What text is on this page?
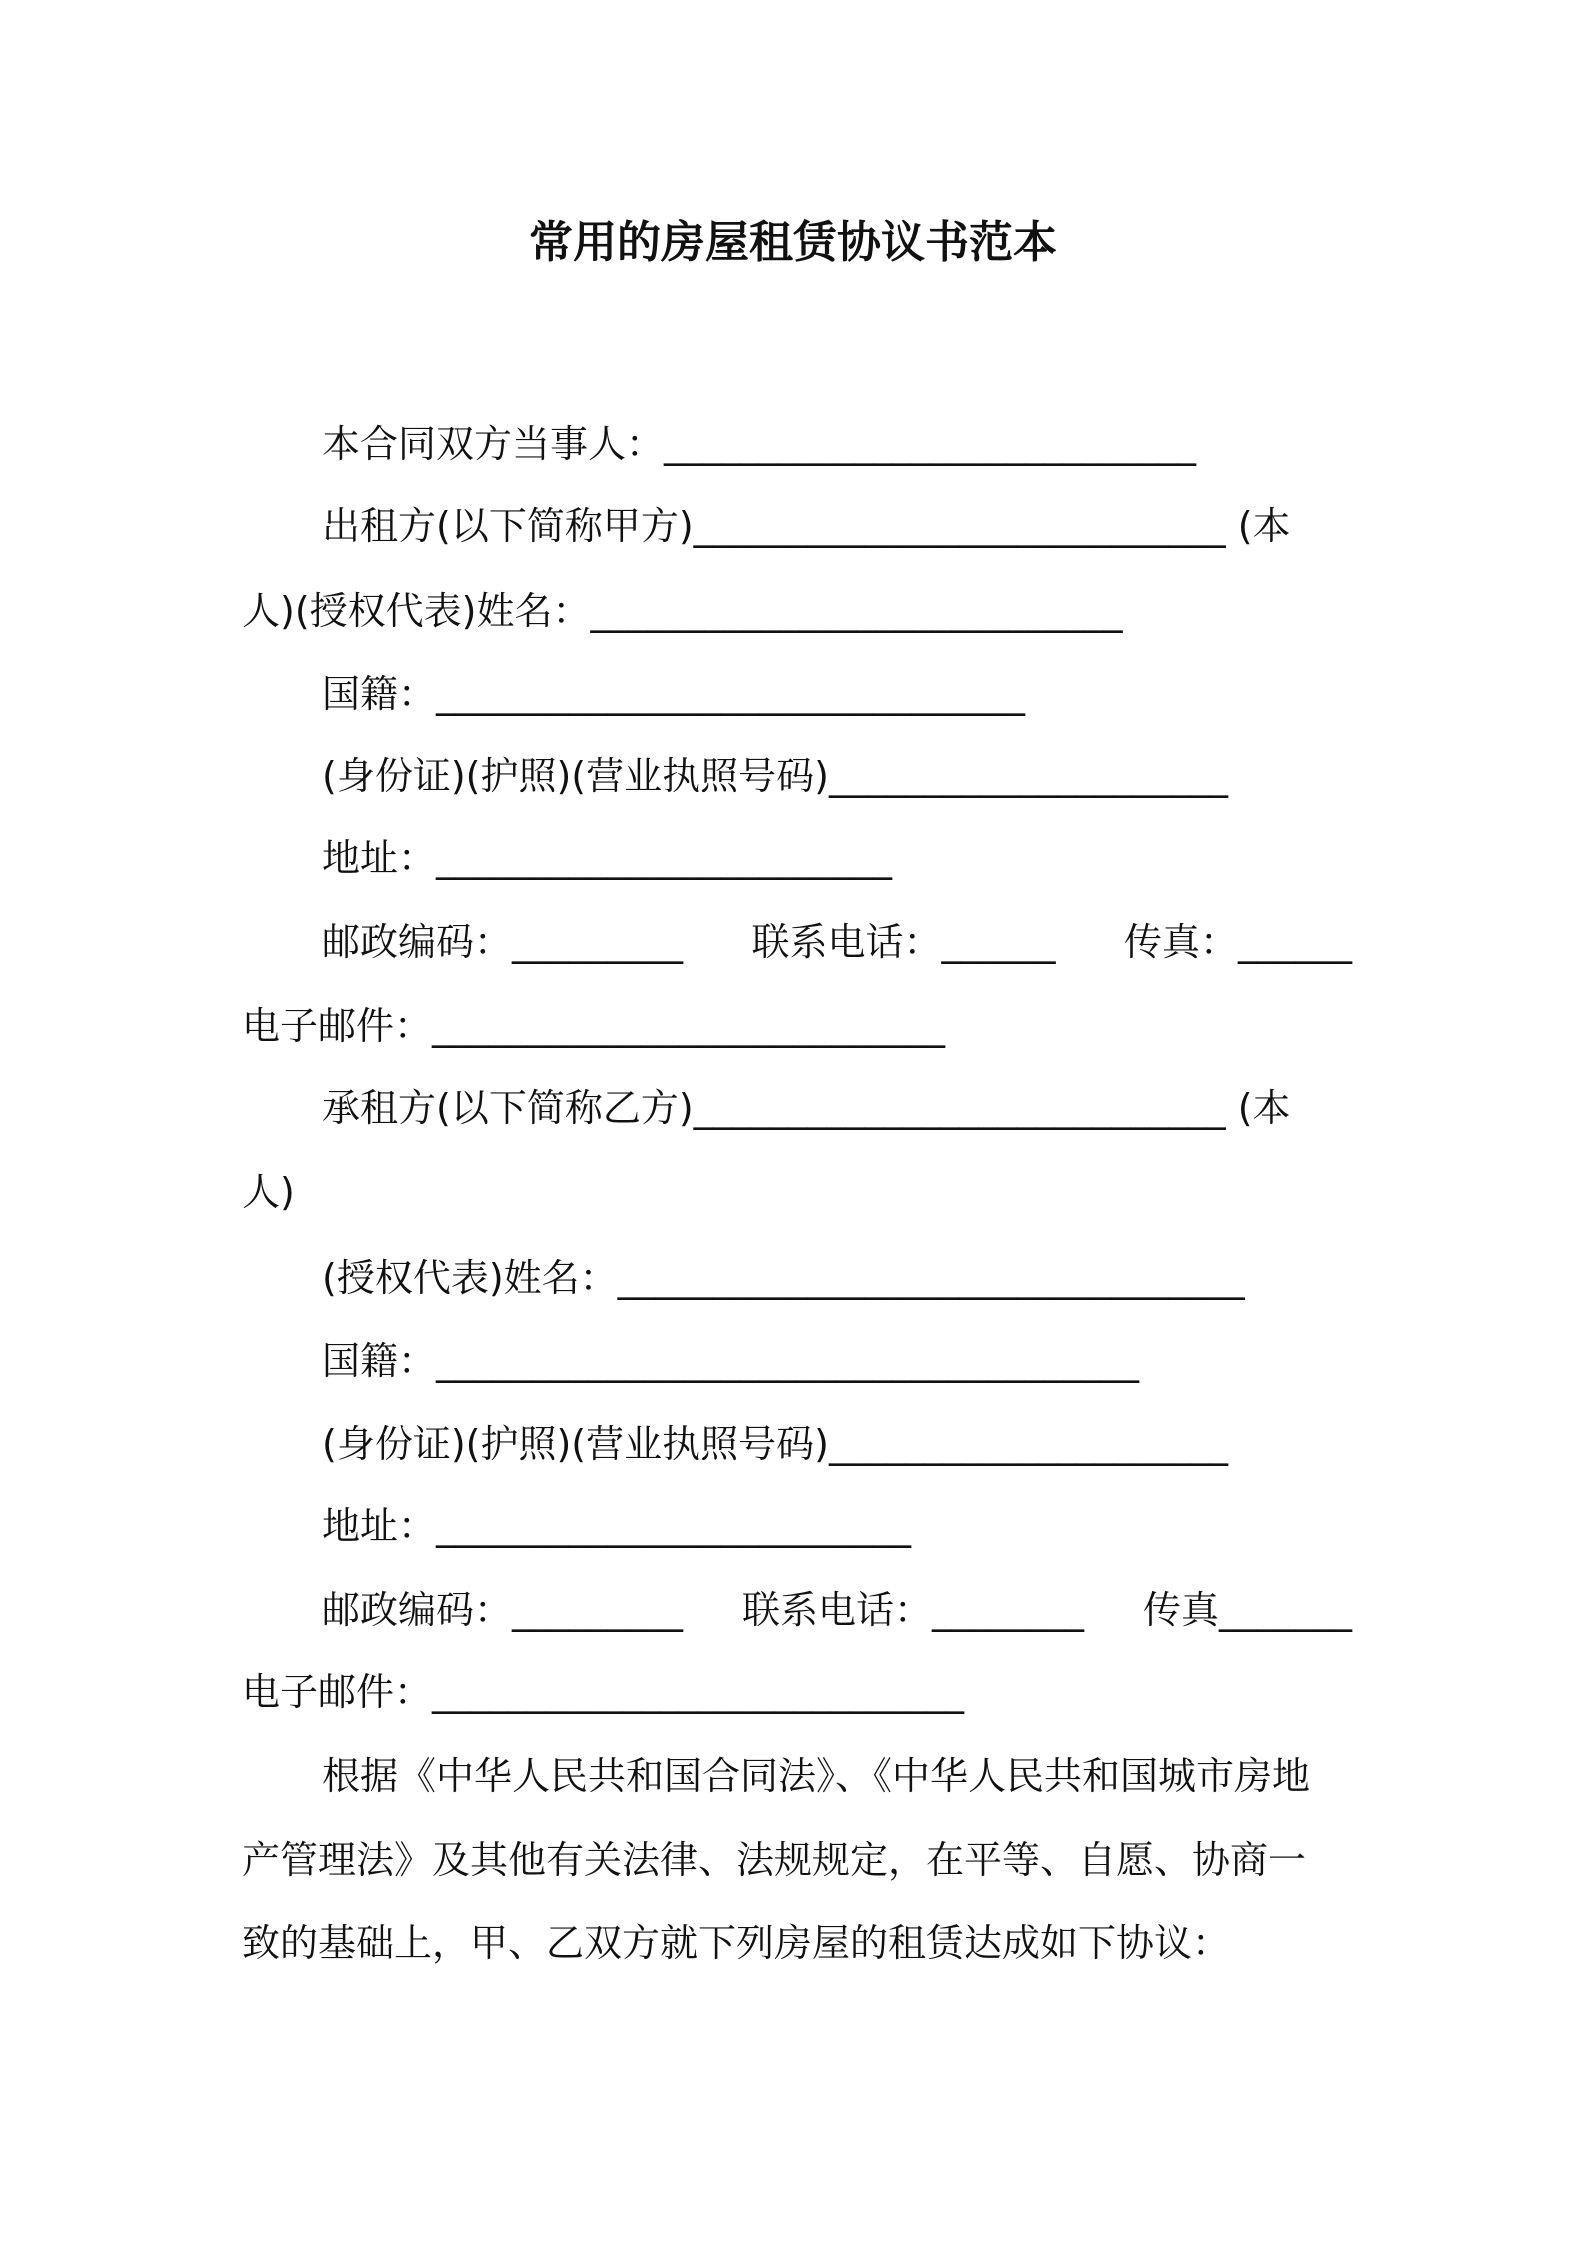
常用的房屋租赁协议书范本
本合同双方当事人：____________________________
出租方(以下简称甲方)____________________________ (本
人)(授权代表)姓名：____________________________
国籍：_______________________________
(身份证)(护照)(营业执照号码)_____________________
地址：________________________
邮政编码：_________ 联系电话：______ 传真：______
电子邮件：___________________________
承租方(以下简称乙方)____________________________ (本
人)
(授权代表)姓名：_________________________________
国籍：_____________________________________
(身份证)(护照)(营业执照号码)_____________________
地址：_________________________
邮政编码：_________ 联系电话：________ 传真_______
电子邮件：____________________________
根据《中华人民共和国合同法》、《中华人民共和国城市房地
产管理法》及其他有关法律、法规规定，在平等、自愿、协商一
致的基础上，甲、乙双方就下列房屋的租赁达成如下协议：
